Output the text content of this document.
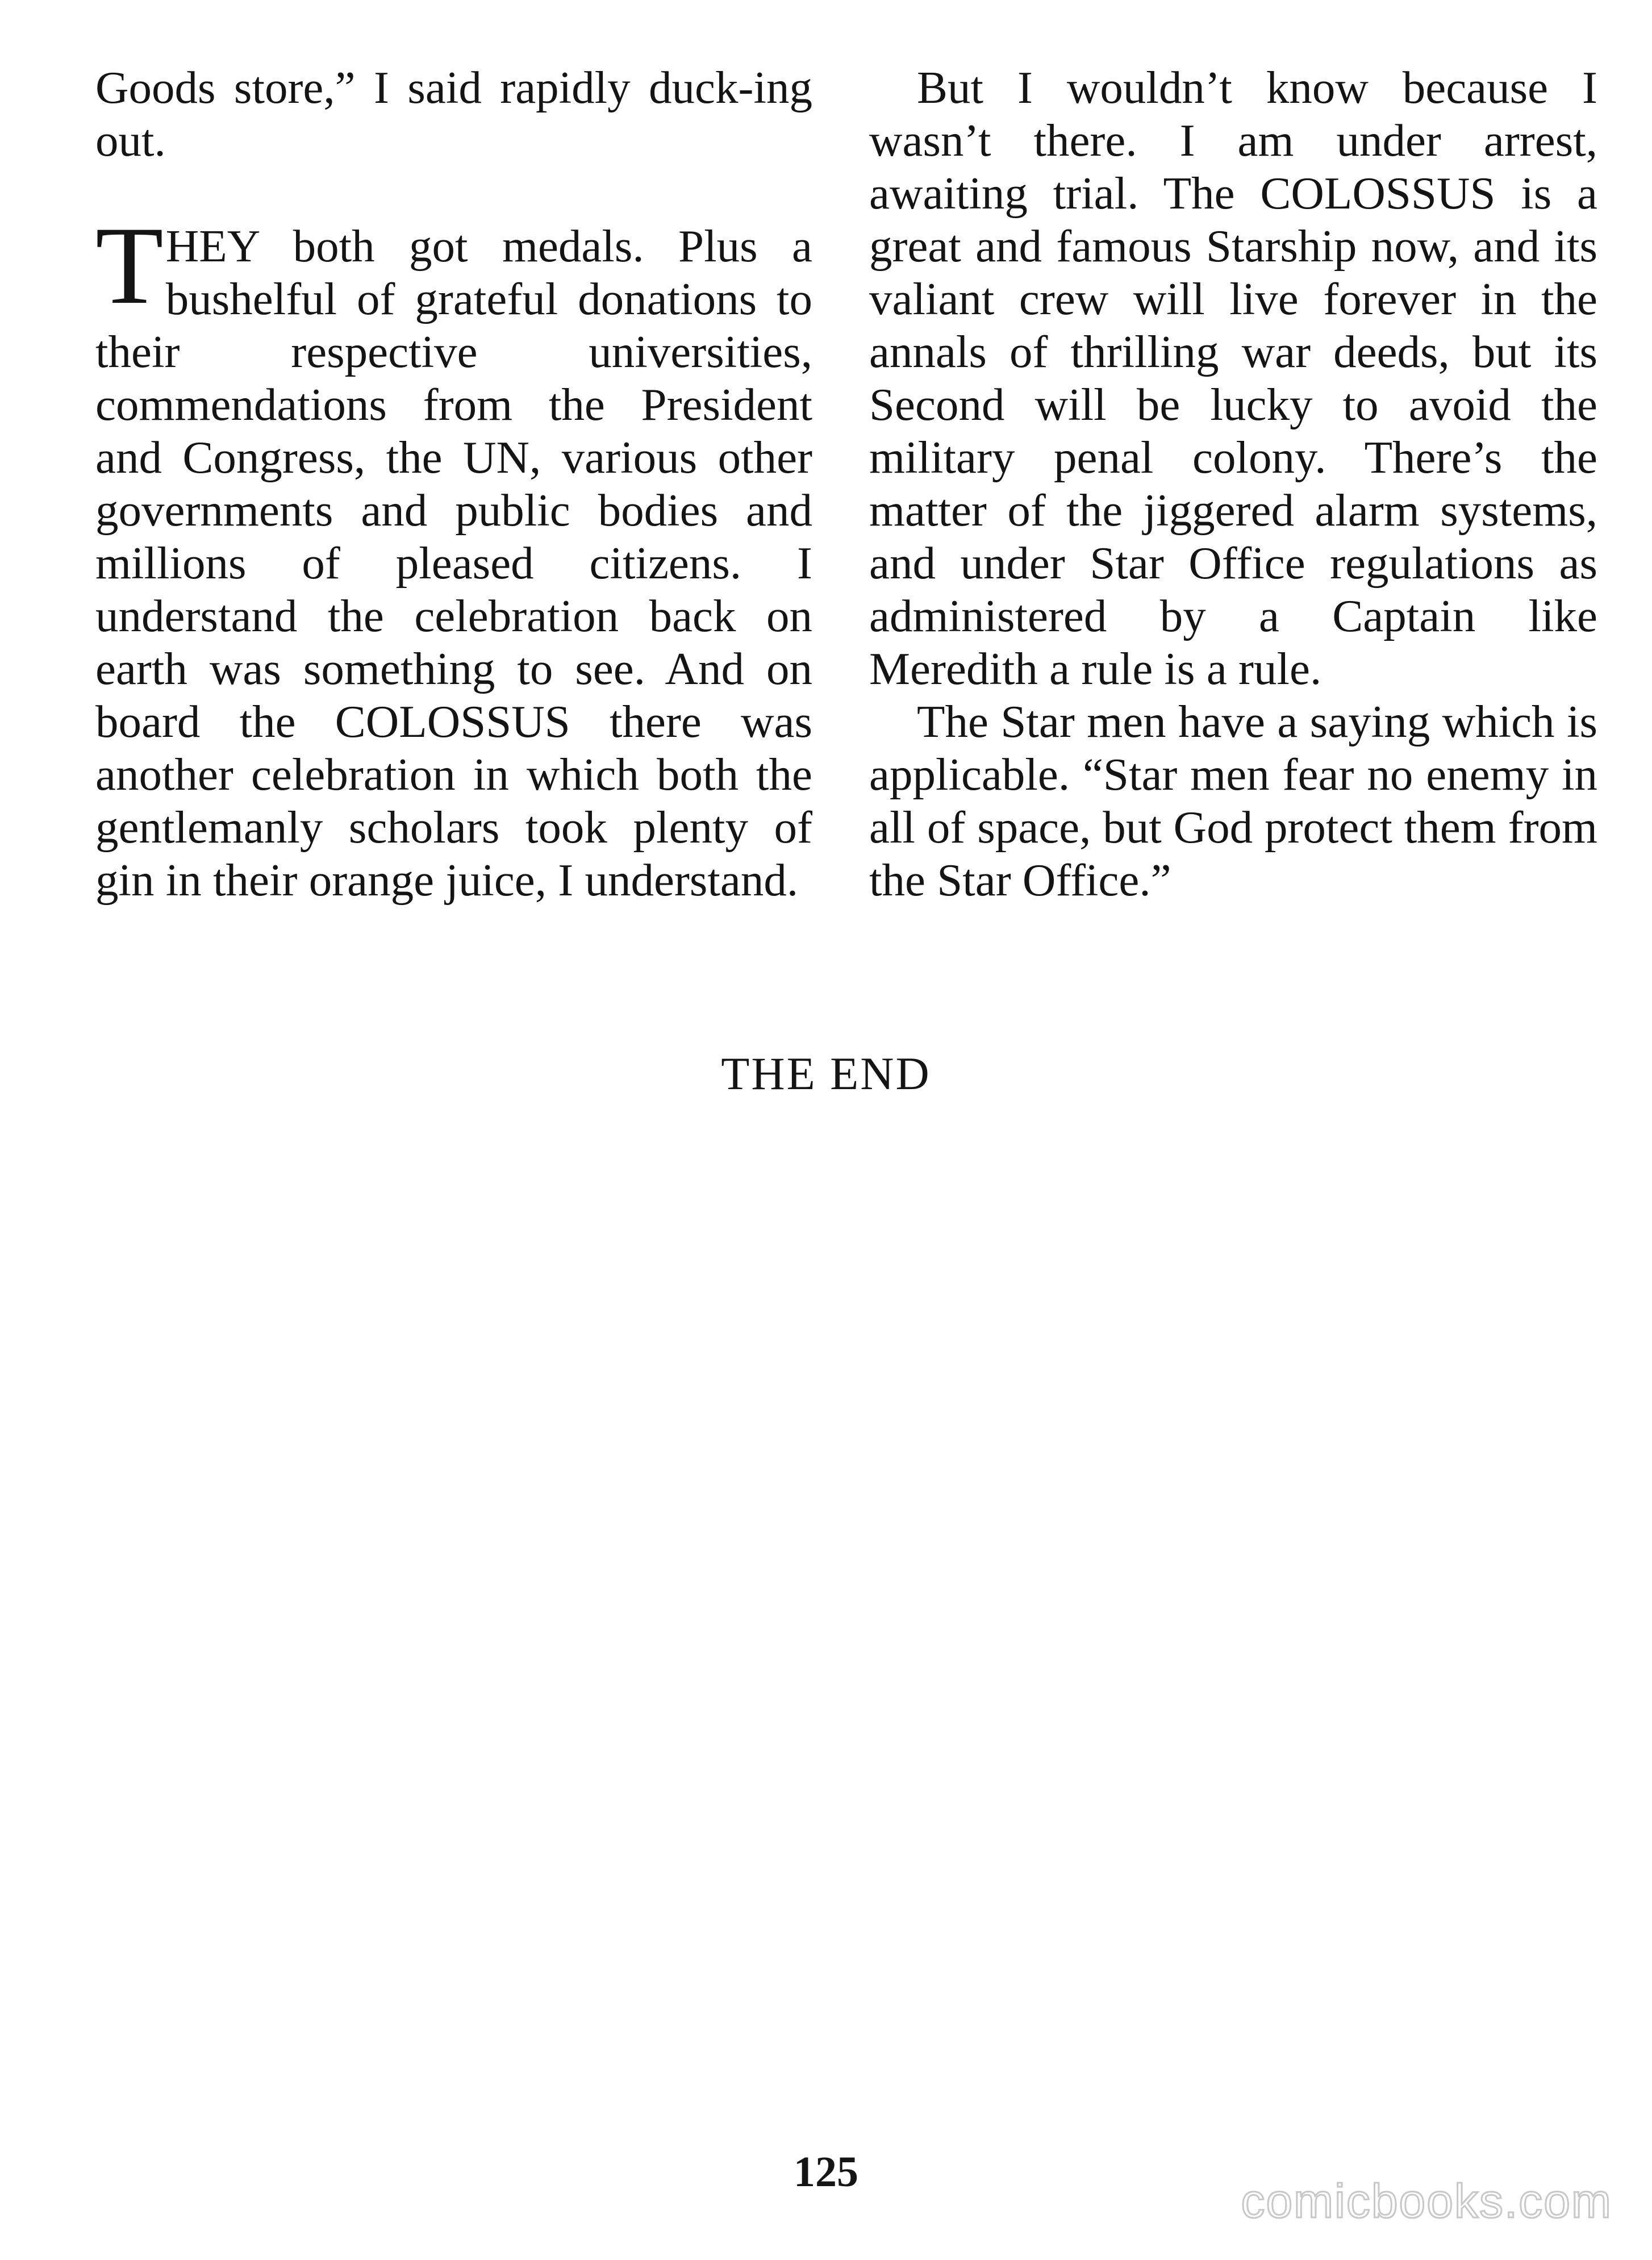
Goods store,” I said rapidly duck-ing out.

THEY both got medals. Plus a bushelful of grateful donations to their respective universities, commendations from the President and Congress, the UN, various other governments and public bodies and millions of pleased citizens. I understand the celebration back on earth was something to see. And on board the COLOSSUS there was another celebration in which both the gentlemanly scholars took plenty of gin in their orange juice, I understand.

But I wouldn’t know because I wasn’t there. I am under arrest, awaiting trial. The COLOSSUS is a great and famous Starship now, and its valiant crew will live forever in the annals of thrilling war deeds, but its Second will be lucky to avoid the military penal colony. There’s the matter of the jiggered alarm systems, and under Star Office regulations as administered by a Captain like Meredith a rule is a rule.

The Star men have a saying which is applicable. “Star men fear no enemy in all of space, but God protect them from the Star Office.”

THE END
125
comicbooks.com
